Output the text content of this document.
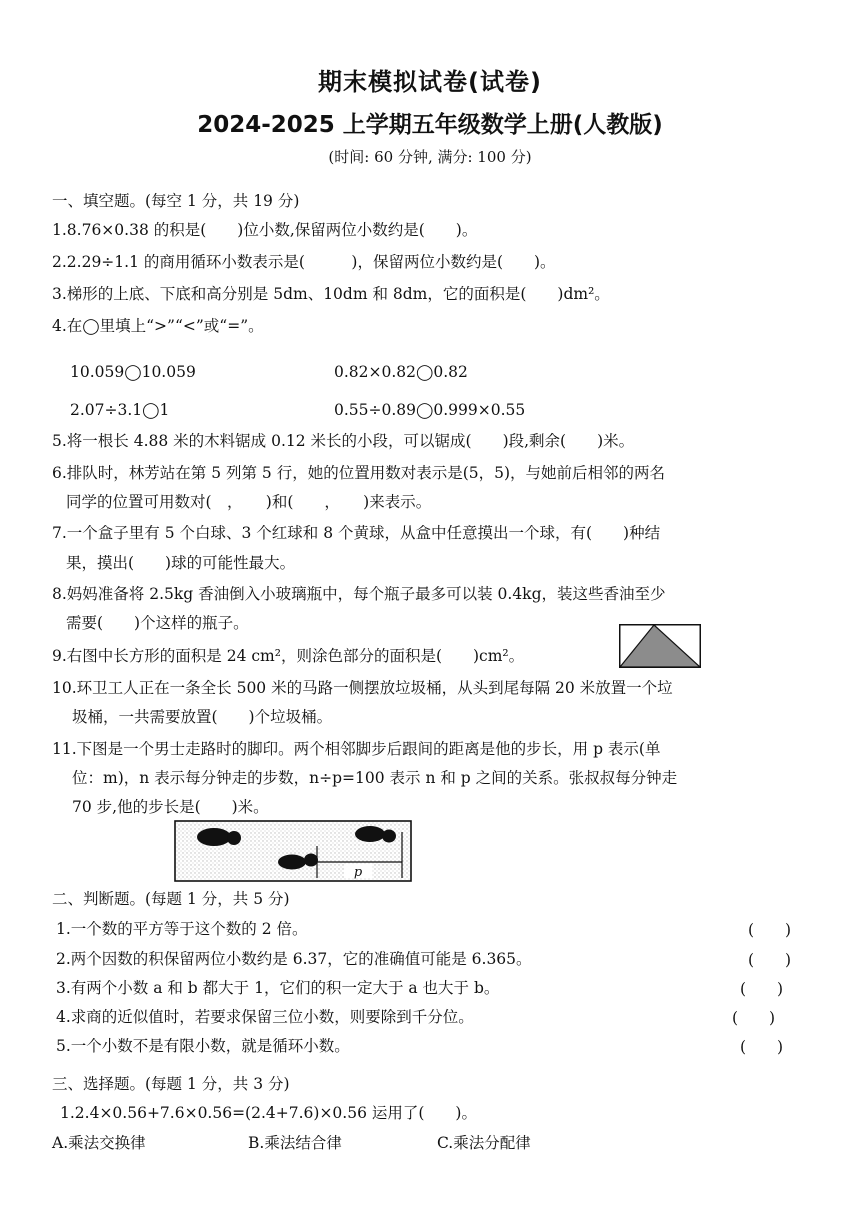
期末模拟试卷(试卷)
2024-2025 上学期五年级数学上册(人教版)
(时间: 60 分钟, 满分: 100 分)
一、填空题。(每空 1 分，共 19 分)
1.8.76×0.38 的积是(　　)位小数,保留两位小数约是(　　)。
2.2.29÷1.1 的商用循环小数表示是(　　　)，保留两位小数约是(　　)。
3.梯形的上底、下底和高分别是 5dm、10dm 和 8dm，它的面积是(　　)dm²。
4.在◯里填上“>”“<”或“=”。
10.059◯10.059	0.82×0.82◯0.82
2.07÷3.1◯1	0.55÷0.89◯0.999×0.55
5.将一根长 4.88 米的木料锯成 0.12 米长的小段，可以锯成(　　)段,剩余(　　)米。
6.排队时，林芳站在第 5 列第 5 行，她的位置用数对表示是(5，5)，与她前后相邻的两名
同学的位置可用数对(　，　　)和(　　，　　)来表示。
7.一个盒子里有 5 个白球、3 个红球和 8 个黄球，从盒中任意摸出一个球，有(　　)种结
果，摸出(　　)球的可能性最大。
8.妈妈准备将 2.5kg 香油倒入小玻璃瓶中，每个瓶子最多可以装 0.4kg，装这些香油至少
需要(　　)个这样的瓶子。
9.右图中长方形的面积是 24 cm²，则涂色部分的面积是(　　)cm²。
10.环卫工人正在一条全长 500 米的马路一侧摆放垃圾桶，从头到尾每隔 20 米放置一个垃
圾桶，一共需要放置(　　)个垃圾桶。
11.下图是一个男士走路时的脚印。两个相邻脚步后跟间的距离是他的步长，用 p 表示(单
位：m)，n 表示每分钟走的步数，n÷p=100 表示 n 和 p 之间的关系。张叔叔每分钟走
70 步,他的步长是(　　)米。
p
二、判断题。(每题 1 分，共 5 分)
1.一个数的平方等于这个数的 2 倍。	(　　)
2.两个因数的积保留两位小数约是 6.37，它的准确值可能是 6.365。	(　　)
3.有两个小数 a 和 b 都大于 1，它们的积一定大于 a 也大于 b。	(　　)
4.求商的近似值时，若要求保留三位小数，则要除到千分位。	(　　)
5.一个小数不是有限小数，就是循环小数。	(　　)
三、选择题。(每题 1 分，共 3 分)
1.2.4×0.56+7.6×0.56=(2.4+7.6)×0.56 运用了(　　)。
A.乘法交换律	B.乘法结合律	C.乘法分配律
